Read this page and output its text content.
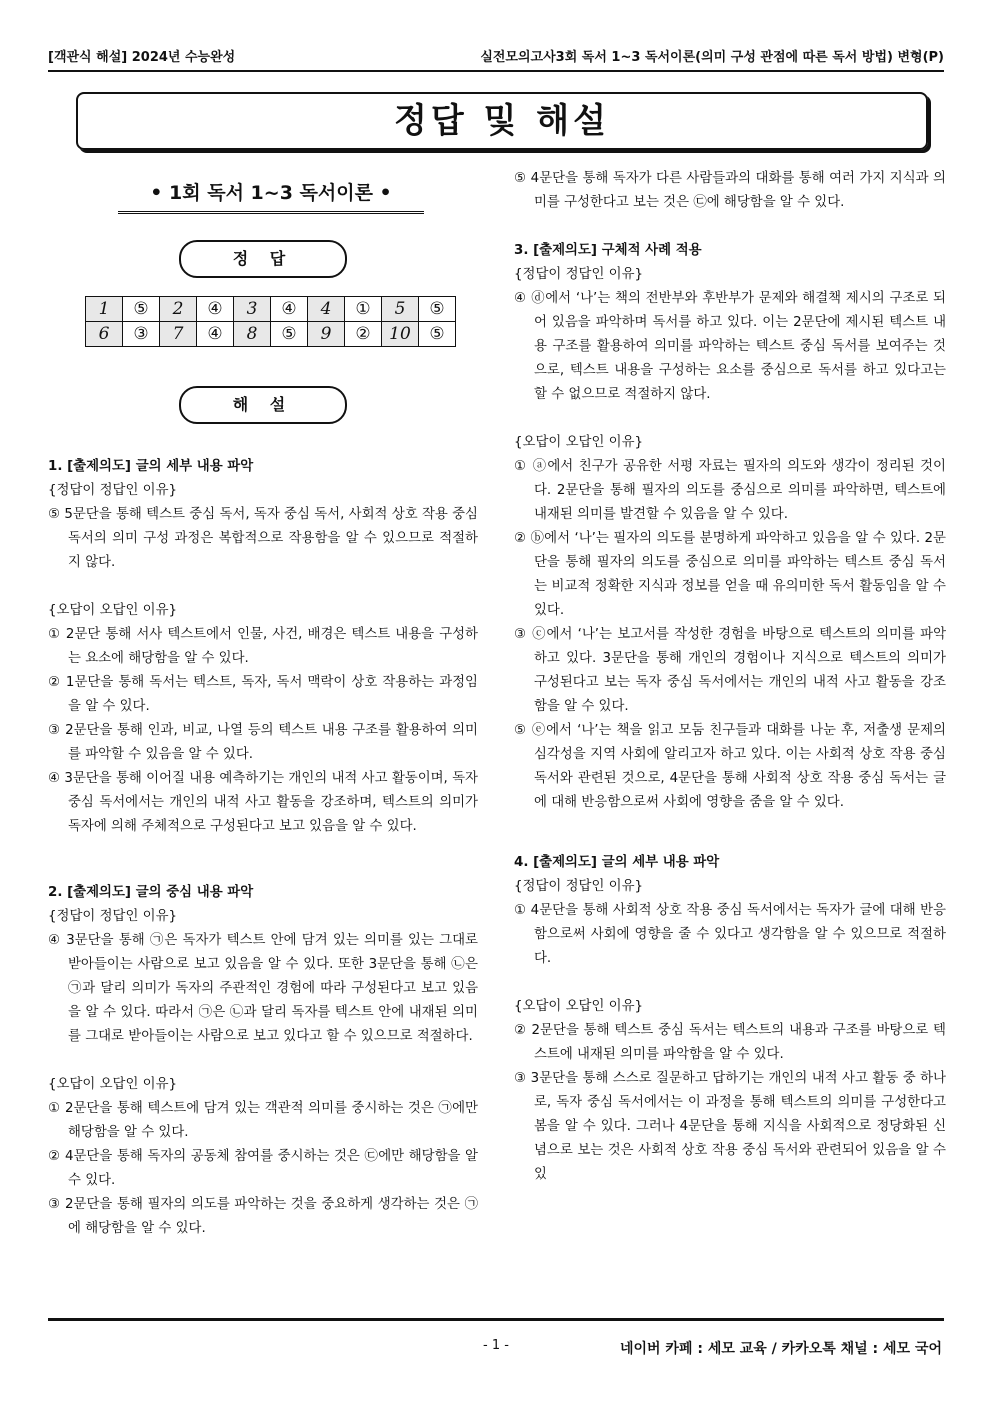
[객관식 해설] 2024년 수능완성	실전모의고사3회 독서 1~3 독서이론(의미 구성 관점에 따른 독서 방법) 변형(P)
정답 및 해설
• 1회 독서 1~3 독서이론 •
정 답
1	⑤	2	④	3	④	4	①	5	⑤
6	③	7	④	8	⑤	9	②	10	⑤
해 설

1. [출제의도] 글의 세부 내용 파악

{정답이 정답인 이유}

⑤ 5문단을 통해 텍스트 중심 독서, 독자 중심 독서, 사회적 상호 작용 중심 독서의 의미 구성 과정은 복합적으로 작용함을 알 수 있으므로 적절하지 않다.

{오답이 오답인 이유}

① 2문단 통해 서사 텍스트에서 인물, 사건, 배경은 텍스트 내용을 구성하는 요소에 해당함을 알 수 있다.

② 1문단을 통해 독서는 텍스트, 독자, 독서 맥락이 상호 작용하는 과정임을 알 수 있다.

③ 2문단을 통해 인과, 비교, 나열 등의 텍스트 내용 구조를 활용하여 의미를 파악할 수 있음을 알 수 있다.

④ 3문단을 통해 이어질 내용 예측하기는 개인의 내적 사고 활동이며, 독자 중심 독서에서는 개인의 내적 사고 활동을 강조하며, 텍스트의 의미가 독자에 의해 주체적으로 구성된다고 보고 있음을 알 수 있다.

2. [출제의도] 글의 중심 내용 파악

{정답이 정답인 이유}

④ 3문단을 통해 ㉠은 독자가 텍스트 안에 담겨 있는 의미를 있는 그대로 받아들이는 사람으로 보고 있음을 알 수 있다. 또한 3문단을 통해 ㉡은 ㉠과 달리 의미가 독자의 주관적인 경험에 따라 구성된다고 보고 있음을 알 수 있다. 따라서 ㉠은 ㉡과 달리 독자를 텍스트 안에 내재된 의미를 그대로 받아들이는 사람으로 보고 있다고 할 수 있으므로 적절하다.

{오답이 오답인 이유}

① 2문단을 통해 텍스트에 담겨 있는 객관적 의미를 중시하는 것은 ㉠에만 해당함을 알 수 있다.

② 4문단을 통해 독자의 공동체 참여를 중시하는 것은 ㉢에만 해당함을 알 수 있다.

③ 2문단을 통해 필자의 의도를 파악하는 것을 중요하게 생각하는 것은 ㉠에 해당함을 알 수 있다.

⑤ 4문단을 통해 독자가 다른 사람들과의 대화를 통해 여러 가지 지식과 의미를 구성한다고 보는 것은 ㉢에 해당함을 알 수 있다.

3. [출제의도] 구체적 사례 적용

{정답이 정답인 이유}

④ ⓓ에서 ‘나’는 책의 전반부와 후반부가 문제와 해결책 제시의 구조로 되어 있음을 파악하며 독서를 하고 있다. 이는 2문단에 제시된 텍스트 내용 구조를 활용하여 의미를 파악하는 텍스트 중심 독서를 보여주는 것으로, 텍스트 내용을 구성하는 요소를 중심으로 독서를 하고 있다고는 할 수 없으므로 적절하지 않다.

{오답이 오답인 이유}

① ⓐ에서 친구가 공유한 서평 자료는 필자의 의도와 생각이 정리된 것이다. 2문단을 통해 필자의 의도를 중심으로 의미를 파악하면, 텍스트에 내재된 의미를 발견할 수 있음을 알 수 있다.

② ⓑ에서 ‘나’는 필자의 의도를 분명하게 파악하고 있음을 알 수 있다. 2문단을 통해 필자의 의도를 중심으로 의미를 파악하는 텍스트 중심 독서는 비교적 정확한 지식과 정보를 얻을 때 유의미한 독서 활동임을 알 수 있다.

③ ⓒ에서 ‘나’는 보고서를 작성한 경험을 바탕으로 텍스트의 의미를 파악하고 있다. 3문단을 통해 개인의 경험이나 지식으로 텍스트의 의미가 구성된다고 보는 독자 중심 독서에서는 개인의 내적 사고 활동을 강조함을 알 수 있다.

⑤ ⓔ에서 ‘나’는 책을 읽고 모둠 친구들과 대화를 나눈 후, 저출생 문제의 심각성을 지역 사회에 알리고자 하고 있다. 이는 사회적 상호 작용 중심 독서와 관련된 것으로, 4문단을 통해 사회적 상호 작용 중심 독서는 글에 대해 반응함으로써 사회에 영향을 줌을 알 수 있다.

4. [출제의도] 글의 세부 내용 파악

{정답이 정답인 이유}

① 4문단을 통해 사회적 상호 작용 중심 독서에서는 독자가 글에 대해 반응함으로써 사회에 영향을 줄 수 있다고 생각함을 알 수 있으므로 적절하다.

{오답이 오답인 이유}

② 2문단을 통해 텍스트 중심 독서는 텍스트의 내용과 구조를 바탕으로 텍스트에 내재된 의미를 파악함을 알 수 있다.

③ 3문단을 통해 스스로 질문하고 답하기는 개인의 내적 사고 활동 중 하나로, 독자 중심 독서에서는 이 과정을 통해 텍스트의 의미를 구성한다고 봄을 알 수 있다. 그러나 4문단을 통해 지식을 사회적으로 정당화된 신념으로 보는 것은 사회적 상호 작용 중심 독서와 관련되어 있음을 알 수 있

- 1 -	네이버 카페 : 세모 교육 / 카카오톡 채널 : 세모 국어
